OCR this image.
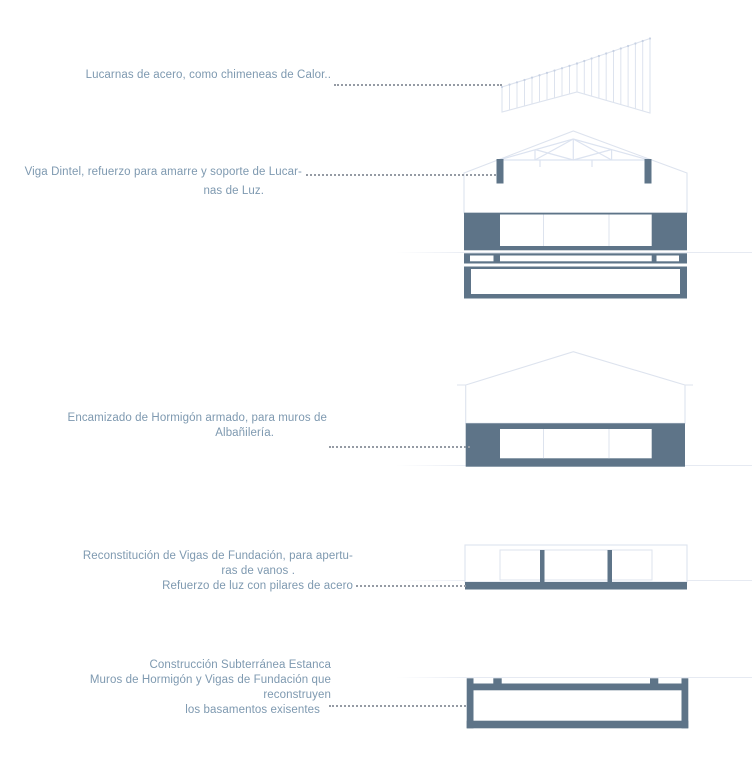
Lucarnas de acero, como chimeneas de Calor..
Viga Dintel, refuerzo para amarre y soporte de Lucar-
nas de Luz.
Encamizado de Hormigón armado, para muros de
Albañilería.
Reconstitución de Vigas de Fundación, para apertu-
ras de vanos .
Refuerzo de luz con pilares de acero
Construcción Subterránea Estanca
Muros de Hormigón y Vigas de Fundación que
reconstruyen
los basamentos exisentes
